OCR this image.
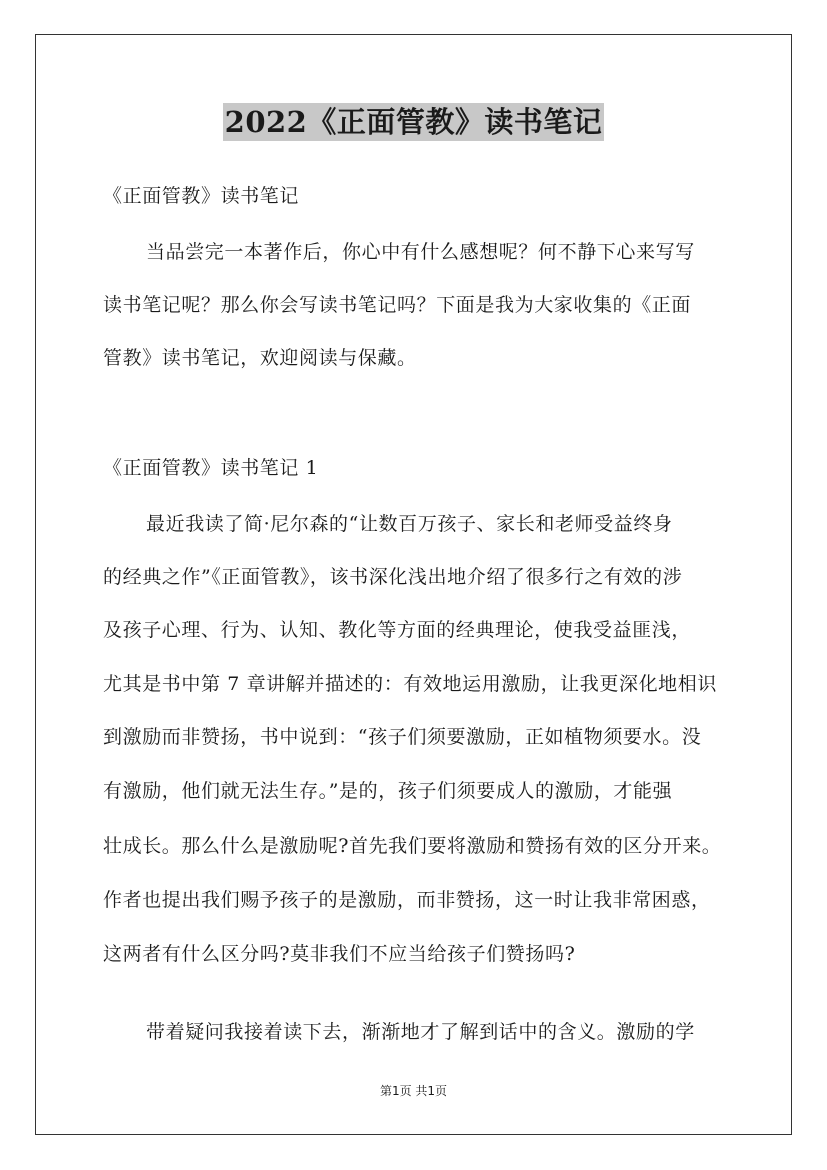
2022《正面管教》读书笔记
《正面管教》读书笔记
当品尝完一本著作后，你心中有什么感想呢？何不静下心来写写
读书笔记呢？那么你会写读书笔记吗？下面是我为大家收集的《正面
管教》读书笔记，欢迎阅读与保藏。
《正面管教》读书笔记 1
最近我读了简·尼尔森的“让数百万孩子、家长和老师受益终身
的经典之作”《正面管教》，该书深化浅出地介绍了很多行之有效的涉
及孩子心理、行为、认知、教化等方面的经典理论，使我受益匪浅，
尤其是书中第 7 章讲解并描述的：有效地运用激励，让我更深化地相识
到激励而非赞扬，书中说到：“孩子们须要激励，正如植物须要水。没
有激励，他们就无法生存。”是的，孩子们须要成人的激励，才能强
壮成长。那么什么是激励呢?首先我们要将激励和赞扬有效的区分开来。
作者也提出我们赐予孩子的是激励，而非赞扬，这一时让我非常困惑，
这两者有什么区分吗?莫非我们不应当给孩子们赞扬吗?
带着疑问我接着读下去，渐渐地才了解到话中的含义。激励的学
第1页 共1页
